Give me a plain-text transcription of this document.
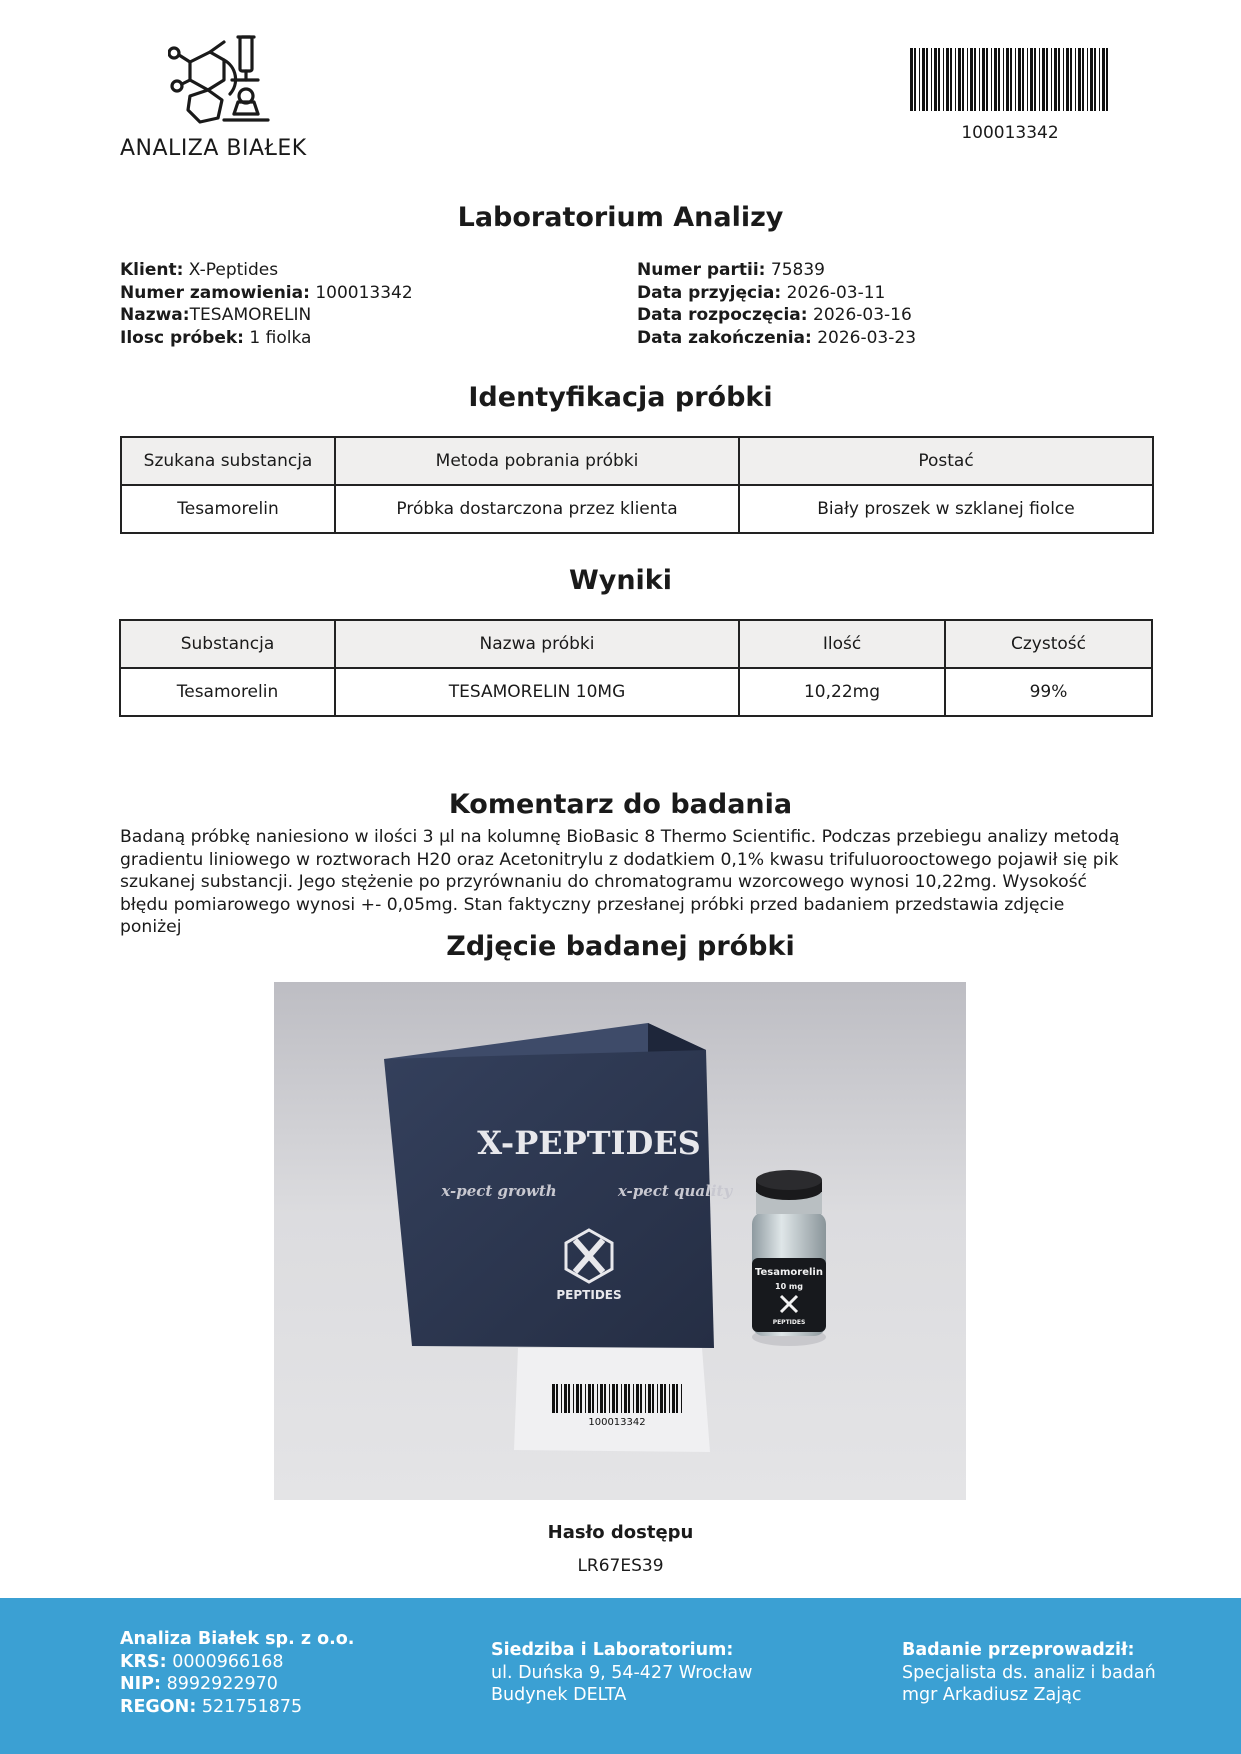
ANALIZA BIAŁEK
100013342
Laboratorium Analizy
Klient: X-Peptides
Numer zamowienia: 100013342
Nazwa:TESAMORELIN
Ilosc próbek: 1 fiolka
Numer partii: 75839
Data przyjęcia: 2026-03-11
Data rozpoczęcia: 2026-03-16
Data zakończenia: 2026-03-23
Identyfikacja próbki
Szukana substancja	Metoda pobrania próbki	Postać
Tesamorelin	Próbka dostarczona przez klienta	Biały proszek w szklanej fiolce
Wyniki
Substancja	Nazwa próbki	Ilość	Czystość
Tesamorelin	TESAMORELIN 10MG	10,22mg	99%
Komentarz do badania
Badaną próbkę naniesiono w ilości 3 µl na kolumnę BioBasic 8 Thermo Scientific. Podczas przebiegu analizy metodą
gradientu liniowego w roztworach H20 oraz Acetonitrylu z dodatkiem 0,1% kwasu trifuluorooctowego pojawił się pik
szukanej substancji. Jego stężenie po przyrównaniu do chromatogramu wzorcowego wynosi 10,22mg. Wysokość
błędu pomiarowego wynosi +- 0,05mg. Stan faktyczny przesłanej próbki przed badaniem przedstawia zdjęcie poniżej
Zdjęcie badanej próbki
X-PEPTIDES
x-pect growth	x-pect quality
PEPTIDES
100013342
Tesamorelin
10 mg
PEPTIDES
Hasło dostępu
LR67ES39
Analiza Białek sp. z o.o.
KRS: 0000966168
NIP: 8992922970
REGON: 521751875
Siedziba i Laboratorium:
ul. Duńska 9, 54-427 Wrocław
Budynek DELTA
Badanie przeprowadził:
Specjalista ds. analiz i badań
mgr Arkadiusz Zając
